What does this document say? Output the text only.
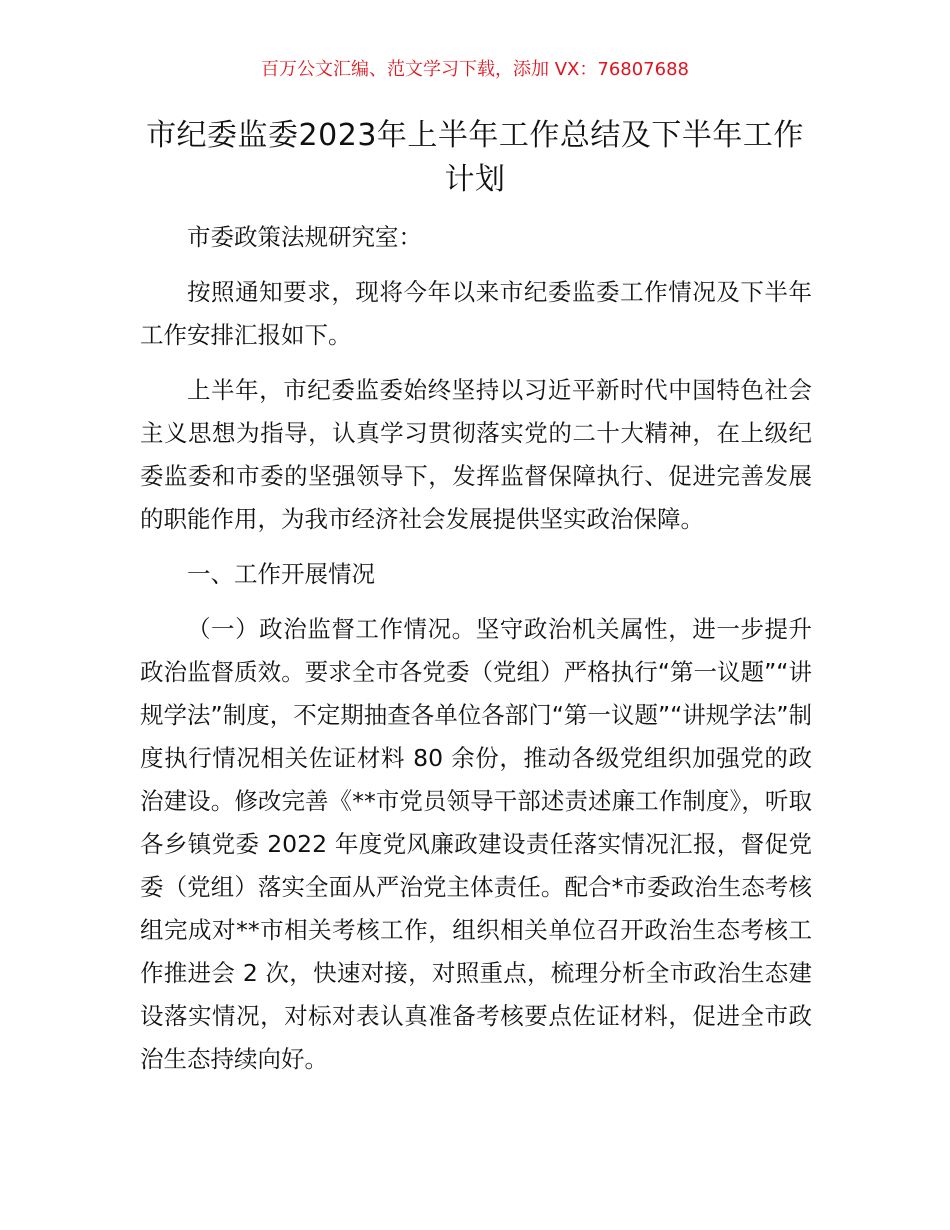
百万公文汇编、范文学习下载，添加 VX：76807688
市纪委监委2023年上半年工作总结及下半年工作计划

市委政策法规研究室：

按照通知要求，现将今年以来市纪委监委工作情况及下半年工作安排汇报如下。

上半年，市纪委监委始终坚持以习近平新时代中国特色社会主义思想为指导，认真学习贯彻落实党的二十大精神，在上级纪委监委和市委的坚强领导下，发挥监督保障执行、促进完善发展的职能作用，为我市经济社会发展提供坚实政治保障。

一、工作开展情况

（一）政治监督工作情况。坚守政治机关属性，进一步提升政治监督质效。要求全市各党委（党组）严格执行“第一议题”“讲规学法”制度，不定期抽查各单位各部门“第一议题”“讲规学法”制度执行情况相关佐证材料 80 余份，推动各级党组织加强党的政治建设。修改完善《**市党员领导干部述责述廉工作制度》，听取各乡镇党委 2022 年度党风廉政建设责任落实情况汇报，督促党委（党组）落实全面从严治党主体责任。配合*市委政治生态考核组完成对**市相关考核工作，组织相关单位召开政治生态考核工作推进会 2 次，快速对接，对照重点，梳理分析全市政治生态建设落实情况，对标对表认真准备考核要点佐证材料，促进全市政治生态持续向好。
